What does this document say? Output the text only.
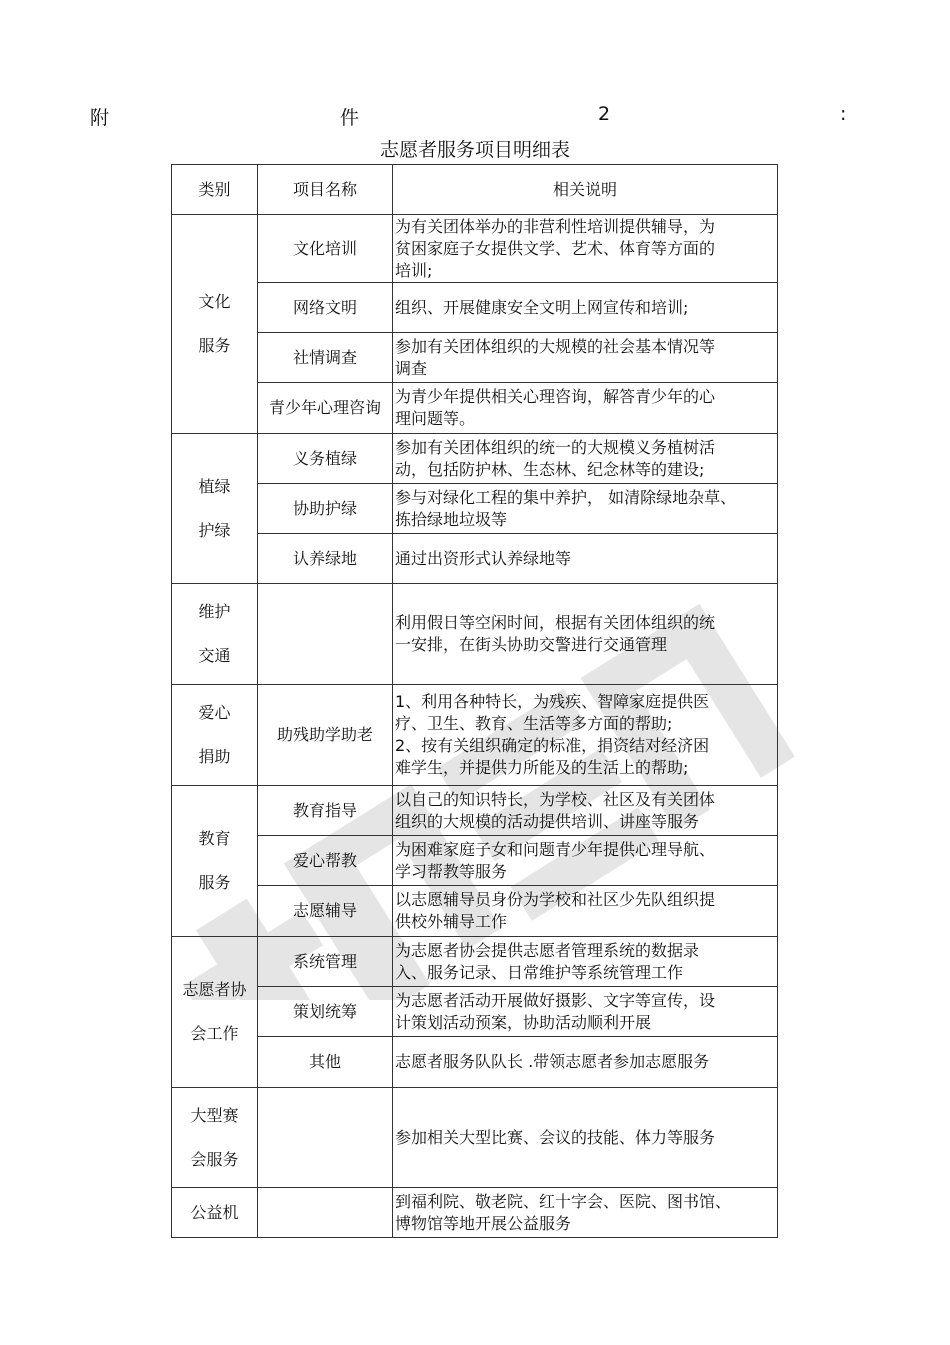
附	件	2	:
志愿者服务项目明细表
类别	项目名称	相关说明

文化
服务	文化培训	为有关团体举办的非营利性培训提供辅导，为
贫困家庭子女提供文学、艺术、体育等方面的
培训;

	网络文明	组织、开展健康安全文明上网宣传和培训;

	社情调查	参加有关团体组织的大规模的社会基本情况等
调查

	青少年心理咨询	为青少年提供相关心理咨询，解答青少年的心
理问题等。

植绿
护绿	义务植绿	参加有关团体组织的统一的大规模义务植树活
动，包括防护林、生态林、纪念林等的建设;

	协助护绿	参与对绿化工程的集中养护， 如清除绿地杂草、
拣拾绿地垃圾等

	认养绿地	通过出资形式认养绿地等

维护
交通		利用假日等空闲时间，根据有关团体组织的统
一安排，在街头协助交警进行交通管理

爱心
捐助	助残助学助老	1、利用各种特长，为残疾、智障家庭提供医
疗、卫生、教育、生活等多方面的帮助;
2、按有关组织确定的标准，捐资结对经济困
难学生，并提供力所能及的生活上的帮助;

教育
服务	教育指导	以自己的知识特长，为学校、社区及有关团体
组织的大规模的活动提供培训、讲座等服务

	爱心帮教	为困难家庭子女和问题青少年提供心理导航、
学习帮教等服务

	志愿辅导	以志愿辅导员身份为学校和社区少先队组织提
供校外辅导工作

志愿者协
会工作	系统管理	为志愿者协会提供志愿者管理系统的数据录
入、服务记录、日常维护等系统管理工作

	策划统筹	为志愿者活动开展做好摄影、文字等宣传，设
计策划活动预案，协助活动顺利开展

	其他	志愿者服务队队长 .带领志愿者参加志愿服务

大型赛
会服务		参加相关大型比赛、会议的技能、体力等服务

公益机		到福利院、敬老院、红十字会、医院、图书馆、
博物馆等地开展公益服务
